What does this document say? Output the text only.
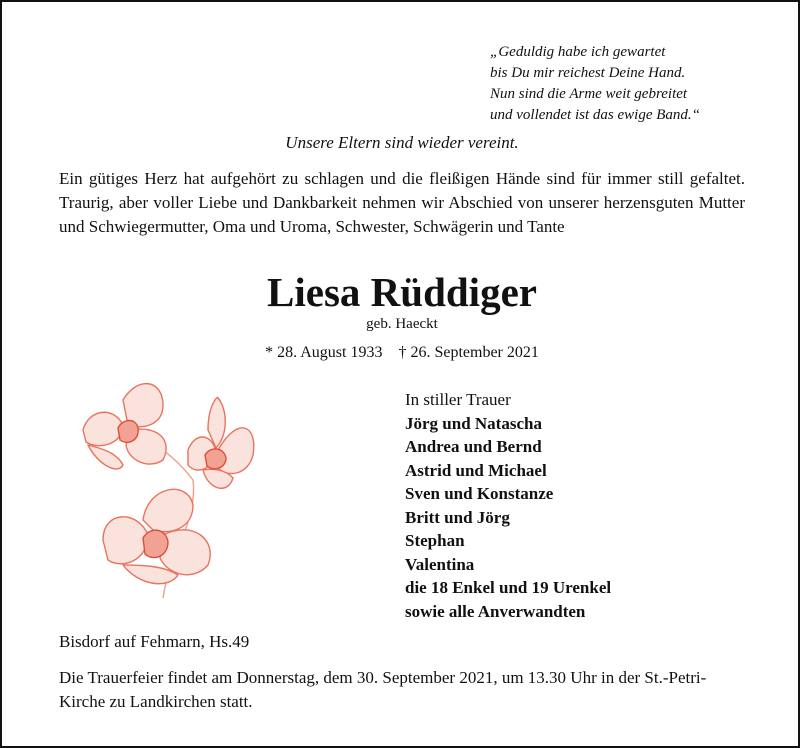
„Geduldig habe ich gewartet
bis Du mir reichest Deine Hand.
Nun sind die Arme weit gebreitet
und vollendet ist das ewige Band.“
Unsere Eltern sind wieder vereint.
Ein gütiges Herz hat aufgehört zu schlagen und die fleißigen Hände sind für immer still gefaltet. Traurig, aber voller Liebe und Dankbarkeit nehmen wir Abschied von unserer herzensguten Mutter und Schwiegermutter, Oma und Uroma, Schwester, Schwägerin und Tante
Liesa Rüddiger
geb. Haeckt
* 28. August 1933 † 26. September 2021
In stiller Trauer
Jörg und Natascha
Andrea und Bernd
Astrid und Michael
Sven und Konstanze
Britt und Jörg
Stephan
Valentina
die 18 Enkel und 19 Urenkel
sowie alle Anverwandten
Bisdorf auf Fehmarn, Hs.49
Die Trauerfeier findet am Donnerstag, dem 30. September 2021, um 13.30 Uhr in der St.-Petri-Kirche zu Landkirchen statt.
